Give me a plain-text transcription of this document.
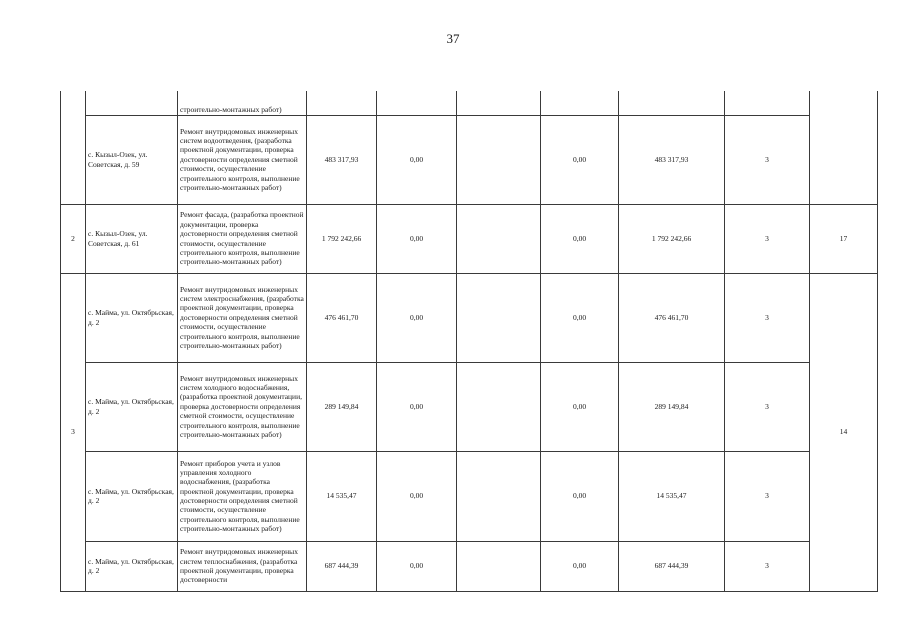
37
		строительно-монтажных работ)							
	с. Кызыл-Озек, ул. Советская, д. 59	Ремонт внутридомовых инженерных систем водоотведения, (разработка проектной документации, проверка достоверности определения сметной стоимости, осуществление строительного контроля, выполнение строительно-монтажных работ)	483 317,93	0,00		0,00	483 317,93	3	
2	с. Кызыл-Озек, ул. Советская, д. 61	Ремонт фасада, (разработка проектной документации, проверка достоверности определения сметной стоимости, осуществление строительного контроля, выполнение строительно-монтажных работ)	1 792 242,66	0,00		0,00	1 792 242,66	3	17
3	с. Майма, ул. Октябрьская, д. 2	Ремонт внутридомовых инженерных систем электроснабжения, (разработка проектной документации, проверка достоверности определения сметной стоимости, осуществление строительного контроля, выполнение строительно-монтажных работ)	476 461,70	0,00		0,00	476 461,70	3	14
	с. Майма, ул. Октябрьская, д. 2	Ремонт внутридомовых инженерных систем холодного водоснабжения, (разработка проектной документации, проверка достоверности определения сметной стоимости, осуществление строительного контроля, выполнение строительно-монтажных работ)	289 149,84	0,00		0,00	289 149,84	3	
	с. Майма, ул. Октябрьская, д. 2	Ремонт приборов учета и узлов управления холодного водоснабжения, (разработка проектной документации, проверка достоверности определения сметной стоимости, осуществление строительного контроля, выполнение строительно-монтажных работ)	14 535,47	0,00		0,00	14 535,47	3	
	с. Майма, ул. Октябрьская, д. 2	Ремонт внутридомовых инженерных систем теплоснабжения, (разработка проектной документации, проверка достоверности	687 444,39	0,00		0,00	687 444,39	3	
